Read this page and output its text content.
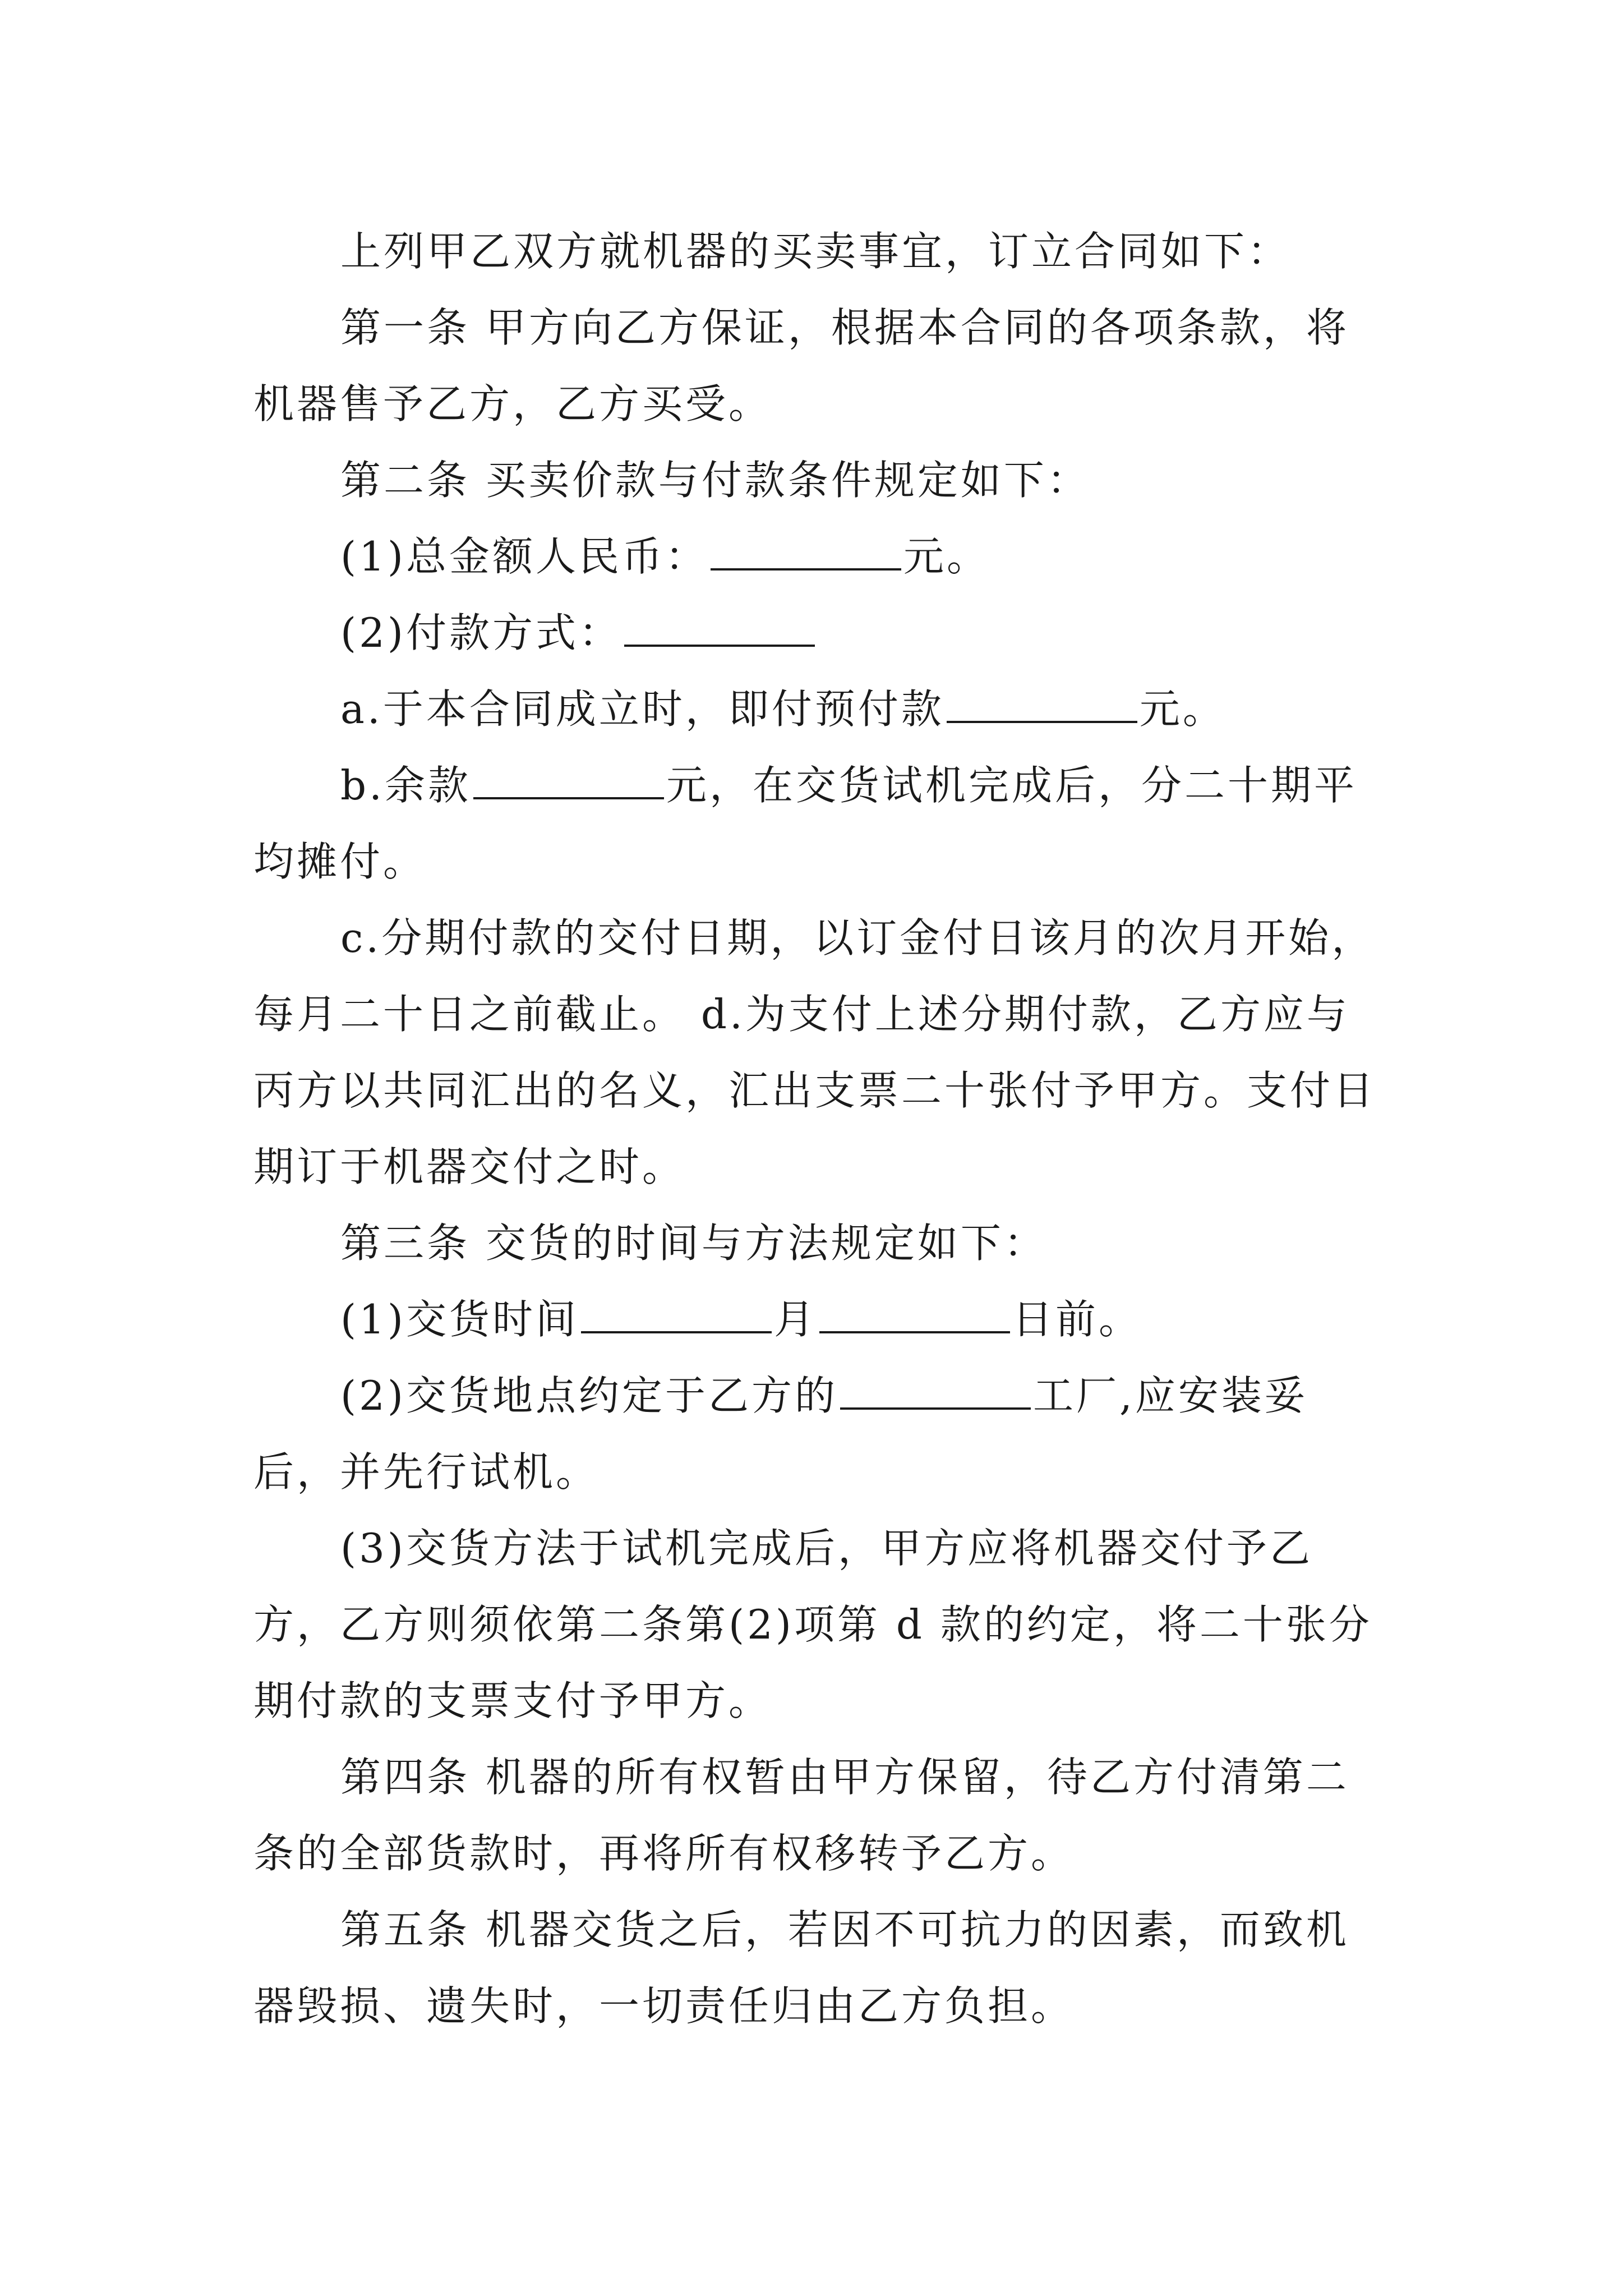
上列甲乙双方就机器的买卖事宜，订立合同如下：

第一条 甲方向乙方保证，根据本合同的各项条款，将机器售予乙方，乙方买受。

第二条 买卖价款与付款条件规定如下：

(1)总金额人民币：	元。

(2)付款方式：

a.于本合同成立时，即付预付款	元。

b.余款	元，在交货试机完成后，分二十期平均摊付。

c.分期付款的交付日期，以订金付日该月的次月开始，每月二十日之前截止。 d.为支付上述分期付款，乙方应与丙方以共同汇出的名义，汇出支票二十张付予甲方。支付日期订于机器交付之时。

第三条 交货的时间与方法规定如下：

(1)交货时间	月	日前。

(2)交货地点约定于乙方的	工厂,应安装妥后，并先行试机。

(3)交货方法于试机完成后，甲方应将机器交付予乙方，乙方则须依第二条第(2)项第 d 款的约定，将二十张分期付款的支票支付予甲方。

第四条 机器的所有权暂由甲方保留，待乙方付清第二条的全部货款时，再将所有权移转予乙方。

第五条 机器交货之后，若因不可抗力的因素，而致机器毁损、遗失时，一切责任归由乙方负担。
